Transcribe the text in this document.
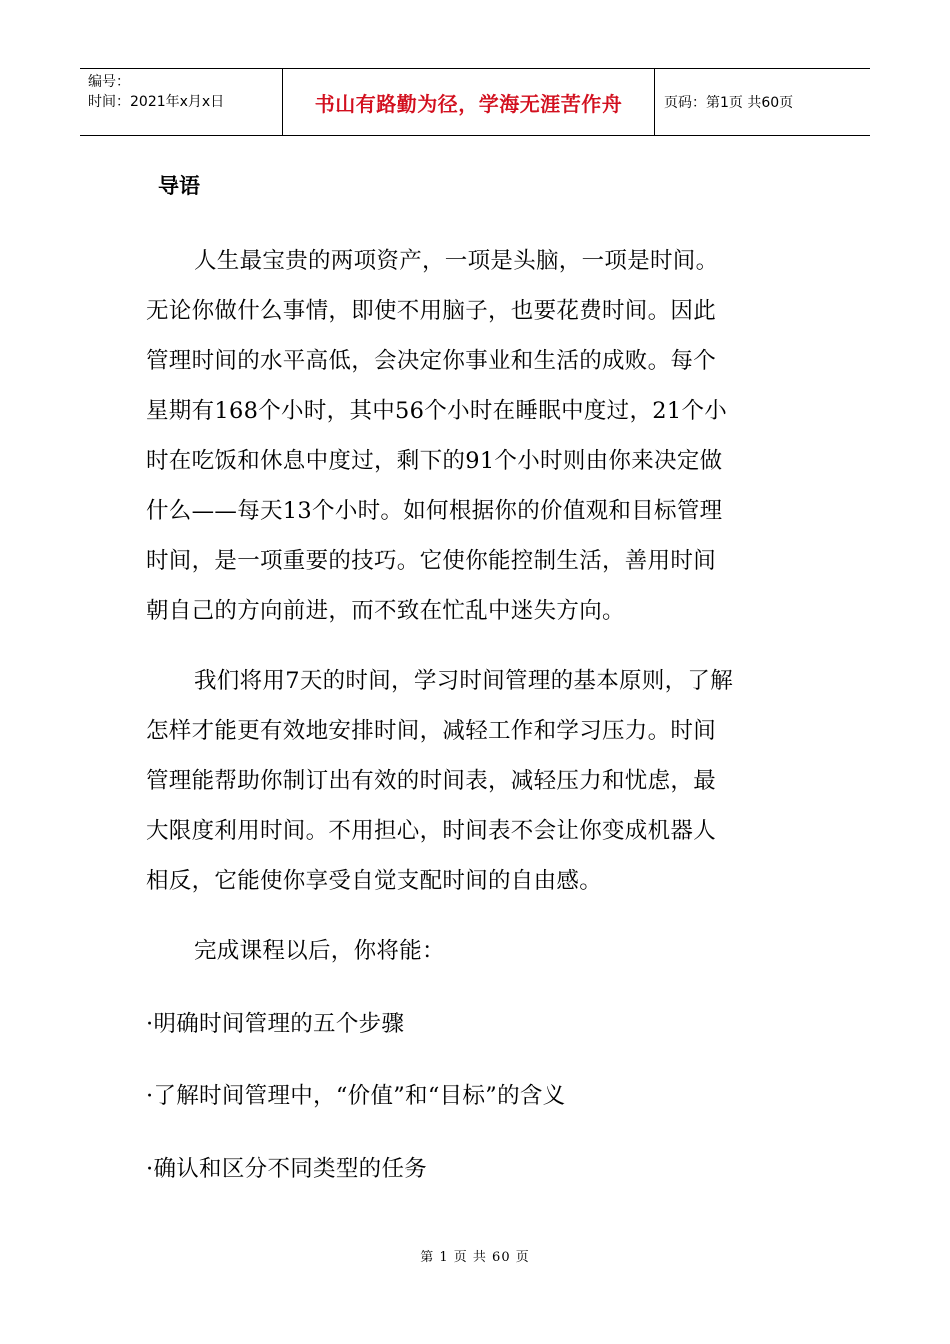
编号：
时间：2021年x月x日	书山有路勤为径，学海无涯苦作舟	页码：第1页 共60页
导语
人生最宝贵的两项资产，一项是头脑，一项是时间。
无论你做什么事情，即使不用脑子，也要花费时间。因此
管理时间的水平高低，会决定你事业和生活的成败。每个
星期有168个小时，其中56个小时在睡眠中度过，21个小
时在吃饭和休息中度过，剩下的91个小时则由你来决定做
什么——每天13个小时。如何根据你的价值观和目标管理
时间，是一项重要的技巧。它使你能控制生活，善用时间
朝自己的方向前进，而不致在忙乱中迷失方向。
我们将用7天的时间，学习时间管理的基本原则，了解
怎样才能更有效地安排时间，减轻工作和学习压力。时间
管理能帮助你制订出有效的时间表，减轻压力和忧虑，最
大限度利用时间。不用担心，时间表不会让你变成机器人
相反，它能使你享受自觉支配时间的自由感。
完成课程以后，你将能：
·明确时间管理的五个步骤
·了解时间管理中，“价值”和“目标”的含义
·确认和区分不同类型的任务
第 1 页 共 60 页
